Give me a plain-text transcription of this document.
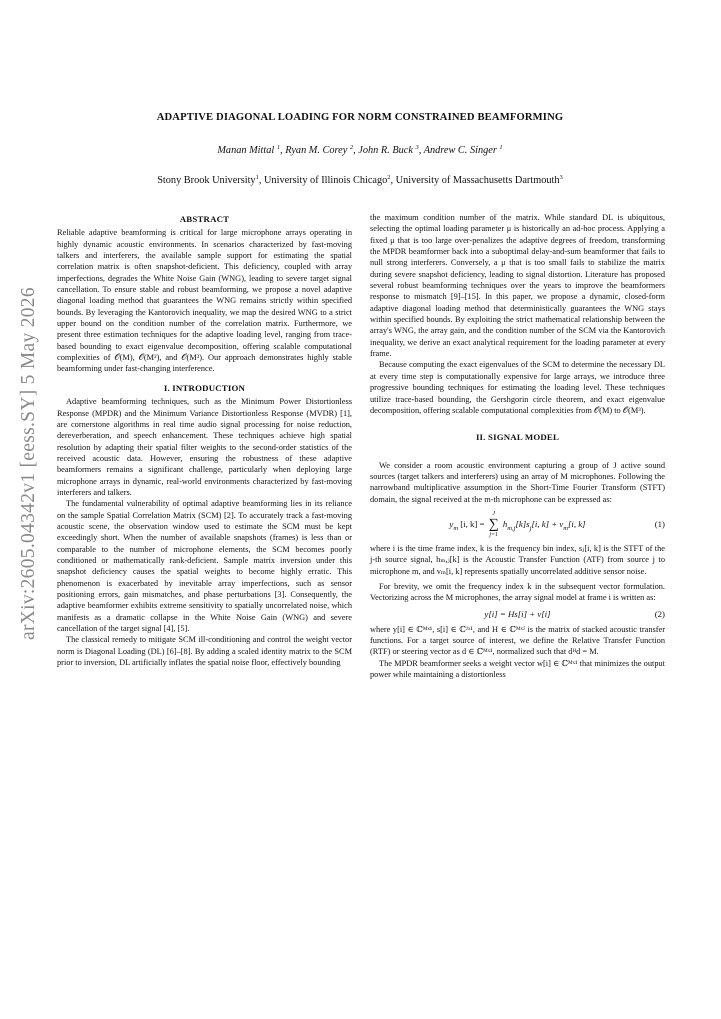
arXiv:2605.04342v1 [eess.SY] 5 May 2026
ADAPTIVE DIAGONAL LOADING FOR NORM CONSTRAINED BEAMFORMING
Manan Mittal $^1$, Ryan M. Corey $^2$, John R. Buck $^3$, Andrew C. Singer $^1$
Stony Brook University$^1$, University of Illinois Chicago$^2$, University of Massachusetts Dartmouth$^3$
ABSTRACT

Reliable adaptive beamforming is critical for large microphone arrays operating in highly dynamic acoustic environments. In scenarios characterized by fast-moving talkers and interferers, the available sample support for estimating the spatial correlation matrix is often snapshot-deficient. This deficiency, coupled with array imperfections, degrades the White Noise Gain (WNG), leading to severe target signal cancellation. To ensure stable and robust beamforming, we propose a novel adaptive diagonal loading method that guarantees the WNG remains strictly within specified bounds. By leveraging the Kantorovich inequality, we map the desired WNG to a strict upper bound on the condition number of the correlation matrix. Furthermore, we present three estimation techniques for the adaptive loading level, ranging from trace-based bounding to exact eigenvalue decomposition, offering scalable computational complexities of 𝒪(M), 𝒪(M²), and 𝒪(M³). Our approach demonstrates highly stable beamforming under fast-changing interference.

I. INTRODUCTION

Adaptive beamforming techniques, such as the Minimum Power Distortionless Response (MPDR) and the Minimum Variance Distortionless Response (MVDR) [1], are cornerstone algorithms in real time audio signal processing for noise reduction, dereverberation, and speech enhancement. These techniques achieve high spatial resolution by adapting their spatial filter weights to the second-order statistics of the received acoustic data. However, ensuring the robustness of these adaptive beamformers remains a significant challenge, particularly when deploying large microphone arrays in dynamic, real-world environments characterized by fast-moving interferers and talkers.

The fundamental vulnerability of optimal adaptive beamforming lies in its reliance on the sample Spatial Correlation Matrix (SCM) [2]. To accurately track a fast-moving acoustic scene, the observation window used to estimate the SCM must be kept exceedingly short. When the number of available snapshots (frames) is less than or comparable to the number of microphone elements, the SCM becomes poorly conditioned or mathematically rank-deficient. Sample matrix inversion under this snapshot deficiency causes the spatial weights to become highly erratic. This phenomenon is exacerbated by inevitable array imperfections, such as sensor positioning errors, gain mismatches, and phase perturbations [3]. Consequently, the adaptive beamformer exhibits extreme sensitivity to spatially uncorrelated noise, which manifests as a dramatic collapse in the White Noise Gain (WNG) and severe cancellation of the target signal [4], [5].

The classical remedy to mitigate SCM ill-conditioning and control the weight vector norm is Diagonal Loading (DL) [6]–[8]. By adding a scaled identity matrix to the SCM prior to inversion, DL artificially inflates the spatial noise floor, effectively bounding

the maximum condition number of the matrix. While standard DL is ubiquitous, selecting the optimal loading parameter μ is historically an ad-hoc process. Applying a fixed μ that is too large over-penalizes the adaptive degrees of freedom, transforming the MPDR beamformer back into a suboptimal delay-and-sum beamformer that fails to null strong interferers. Conversely, a μ that is too small fails to stabilize the matrix during severe snapshot deficiency, leading to signal distortion. Literature has proposed several robust beamforming techniques over the years to improve the beamformers response to mismatch [9]–[15]. In this paper, we propose a dynamic, closed-form adaptive diagonal loading method that deterministically guarantees the WNG stays within specified bounds. By exploiting the strict mathematical relationship between the array's WNG, the array gain, and the condition number of the SCM via the Kantorovich inequality, we derive an exact analytical requirement for the loading parameter at every frame.

Because computing the exact eigenvalues of the SCM to determine the necessary DL at every time step is computationally expensive for large arrays, we introduce three progressive bounding techniques for estimating the loading level. These techniques utilize trace-based bounding, the Gershgorin circle theorem, and exact eigenvalue decomposition, offering scalable computational complexities from 𝒪(M) to 𝒪(M³).

II. SIGNAL MODEL

We consider a room acoustic environment capturing a group of J active sound sources (target talkers and interferers) using an array of M microphones. Following the narrowband multiplicative assumption in the Short-Time Fourier Transform (STFT) domain, the signal received at the m-th microphone can be expressed as:

$y_m$ [i, k] =
J
∑
j=1
$h_{m,j}[k]s_j[i$, $k] + v_m[i$, k]	(1)

where i is the time frame index, k is the frequency bin index, sⱼ[i, k] is the STFT of the j-th source signal, hₘ,ⱼ[k] is the Acoustic Transfer Function (ATF) from source j to microphone m, and vₘ[i, k] represents spatially uncorrelated additive sensor noise.

For brevity, we omit the frequency index k in the subsequent vector formulation. Vectorizing across the M microphones, the array signal model at frame i is written as:

y[i] = Hs[i] + v[i]	(2)

where y[i] ∈ ℂᴹˣ¹, s[i] ∈ ℂᴶˣ¹, and H ∈ ℂᴹˣᴶ is the matrix of stacked acoustic transfer functions. For a target source of interest, we define the Relative Transfer Function (RTF) or steering vector as d ∈ ℂᴹˣ¹, normalized such that dᴴd = M.

The MPDR beamformer seeks a weight vector w[i] ∈ ℂᴹˣ¹ that minimizes the output power while maintaining a distortionless
